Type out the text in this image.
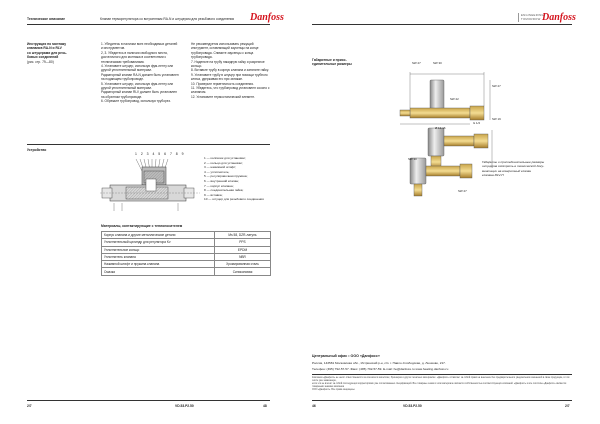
Техническое описание	Клапан терморегулятора со встроенным RA-N и штуцером для резьбового соединения Danfoss

Инструкция по монтажу

клапанов RA-N и RLV

со штуцерами для резь-

бовых соединений

(рис. стр. 79—80)

1. Убедитесь в наличии всех необходимых деталей и инструментов.

2, 3. Убедитесь в наличии свободного места, достаточного для монтажа в соответствии с техническими требованиями.

4. Установите штуцер, используя фум-ленту или другой уплотнительный материал.

Радиаторный клапан RA-N должен быть установлен на подающем трубопроводе.

5. Установите штуцер, используя фум-ленту или другой уплотнительный материал.

Радиаторный клапан RLV должен быть установлен на обратном трубопроводе.

6. Обрежьте трубопровод, используя труборез.

Не рекомендуется использовать режущий инструмент, оставляющий заусенцы на конце трубопровода. Снимите заусенцы с конца трубопровода.

7. Наденьте на трубу накидную гайку и разрезное кольцо.

8. Вставьте трубу в корпус клапана и затяните гайку.

9. Установите трубу в штуцер при помощи трубного ключа, удерживая его при затяжке.

10. Проверьте герметичность соединения.

11. Убедитесь, что трубопровод установлен соосно с клапаном.

12. Установите термостатический элемент.

Устройство
1 2 3 4 5 6 7 8 9
1 — колпачок для установки;
2 — кольцо для установки;
3 — нажимной штифт;
4 — уплотнитель;
5 — регулировочная пружина;
6 — внутренний клапан;
7 — корпус клапана;
8 — соединительная гайка;
9 — вставка;
10 — штуцер для резьбового соединения
Материалы, контактирующие с теплоносителем
Корпус клапана и другие металлические детали	Ms 58, DZR-латунь
Уплотнительный цилиндр для регулятора Kv	PPS
Уплотнительное кольцо	EPDM
Уплотнитель клапана	NBR
Нажимной штифт и пружина клапана	Хромированная сталь
Смазка	Силиконовая
2/7	VD.53.P2.50	48
ENGINEERING
TOMORROW Danfoss

Габаритные и присо-

единительные размеры	SW 27	SW 30
SW 22
SW 27
SW 19
Ø 12-16
G 1/2
SW 30
SW 27

Габариты и присоединительные размеры

штуцеров смотреть в технической доку-

ментации на конкретный клапан

клапана RLV-H

Центральный офис • ООО «Данфосс»
Россия, 143581 Московская обл., Истринский р-н, с/п. г. Павло-Слободская, д. Лешково, 217.
Телефон: (495) 792-57-57. Факс: (495) 792-57-59. E-mail: he@danfoss.ru www.heating.danfoss.ru

Компания «Данфосс» не несёт ответственности за опечатки в каталогах, брошюрах и других печатных материалах. «Данфосс» оставляет за собой право на внесение без предварительного уведомления изменений в свою продукцию, в том числе уже заказанную,

если это не влечёт за собой последующих корректировок уже согласованных спецификаций. Все товарные знаки в этом материале являются собственностью соответствующих компаний. «Данфосс» и все логотипы «Данфосс» являются товарными знаками компании

ООО «Данфосс». Все права защищены.

46	VD.53.P2.50	2/7
